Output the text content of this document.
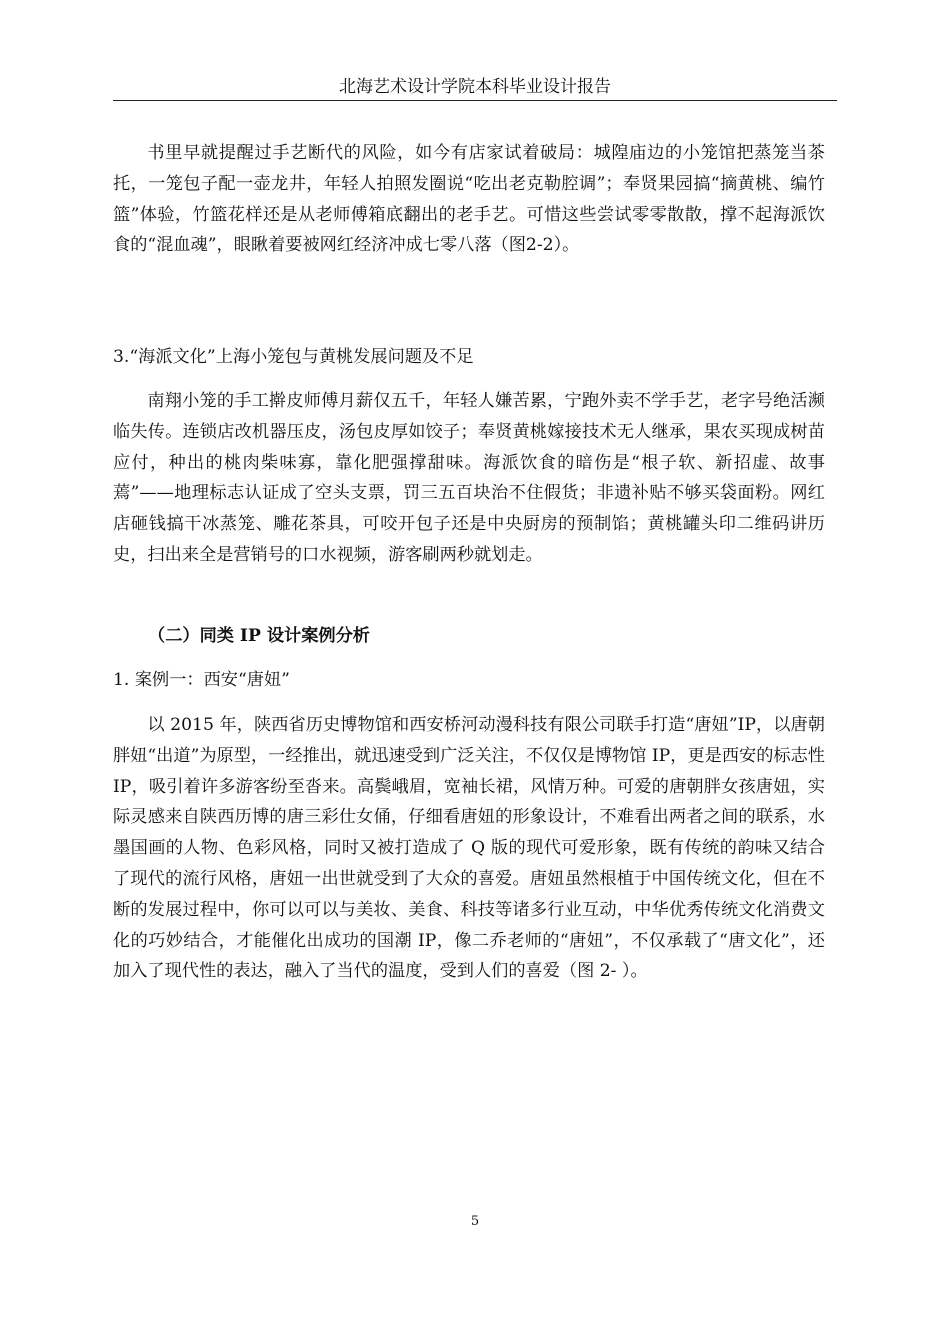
北海艺术设计学院本科毕业设计报告

书里早就提醒过手艺断代的风险，如今有店家试着破局：城隍庙边的小笼馆把蒸笼当茶托，一笼包子配一壶龙井，年轻人拍照发圈说“吃出老克勒腔调”；奉贤果园搞“摘黄桃、编竹篮”体验，竹篮花样还是从老师傅箱底翻出的老手艺。可惜这些尝试零零散散，撑不起海派饮食的“混血魂”，眼瞅着要被网红经济冲成七零八落（图2-2）。

3.“海派文化”上海小笼包与黄桃发展问题及不足

南翔小笼的手工擀皮师傅月薪仅五千，年轻人嫌苦累，宁跑外卖不学手艺，老字号绝活濒临失传。连锁店改机器压皮，汤包皮厚如饺子；奉贤黄桃嫁接技术无人继承，果农买现成树苗应付，种出的桃肉柴味寡，靠化肥强撑甜味。海派饮食的暗伤是“根子软、新招虚、故事蔫”——地理标志认证成了空头支票，罚三五百块治不住假货；非遗补贴不够买袋面粉。网红店砸钱搞干冰蒸笼、雕花茶具，可咬开包子还是中央厨房的预制馅；黄桃罐头印二维码讲历史，扫出来全是营销号的口水视频，游客刷两秒就划走。

（二）同类 IP 设计案例分析

1. 案例一：西安“唐妞”

以 2015 年，陕西省历史博物馆和西安桥河动漫科技有限公司联手打造“唐妞”IP，以唐朝胖妞“出道”为原型，一经推出，就迅速受到广泛关注，不仅仅是博物馆 IP，更是西安的标志性 IP，吸引着许多游客纷至沓来。高鬓峨眉，宽袖长裙，风情万种。可爱的唐朝胖女孩唐妞，实际灵感来自陕西历博的唐三彩仕女俑，仔细看唐妞的形象设计，不难看出两者之间的联系，水墨国画的人物、色彩风格，同时又被打造成了 Q 版的现代可爱形象，既有传统的韵味又结合了现代的流行风格，唐妞一出世就受到了大众的喜爱。唐妞虽然根植于中国传统文化，但在不断的发展过程中，你可以可以与美妆、美食、科技等诸多行业互动，中华优秀传统文化消费文化的巧妙结合，才能催化出成功的国潮 IP，像二乔老师的“唐妞”，不仅承载了“唐文化”，还加入了现代性的表达，融入了当代的温度，受到人们的喜爱（图 2- ）。

5
